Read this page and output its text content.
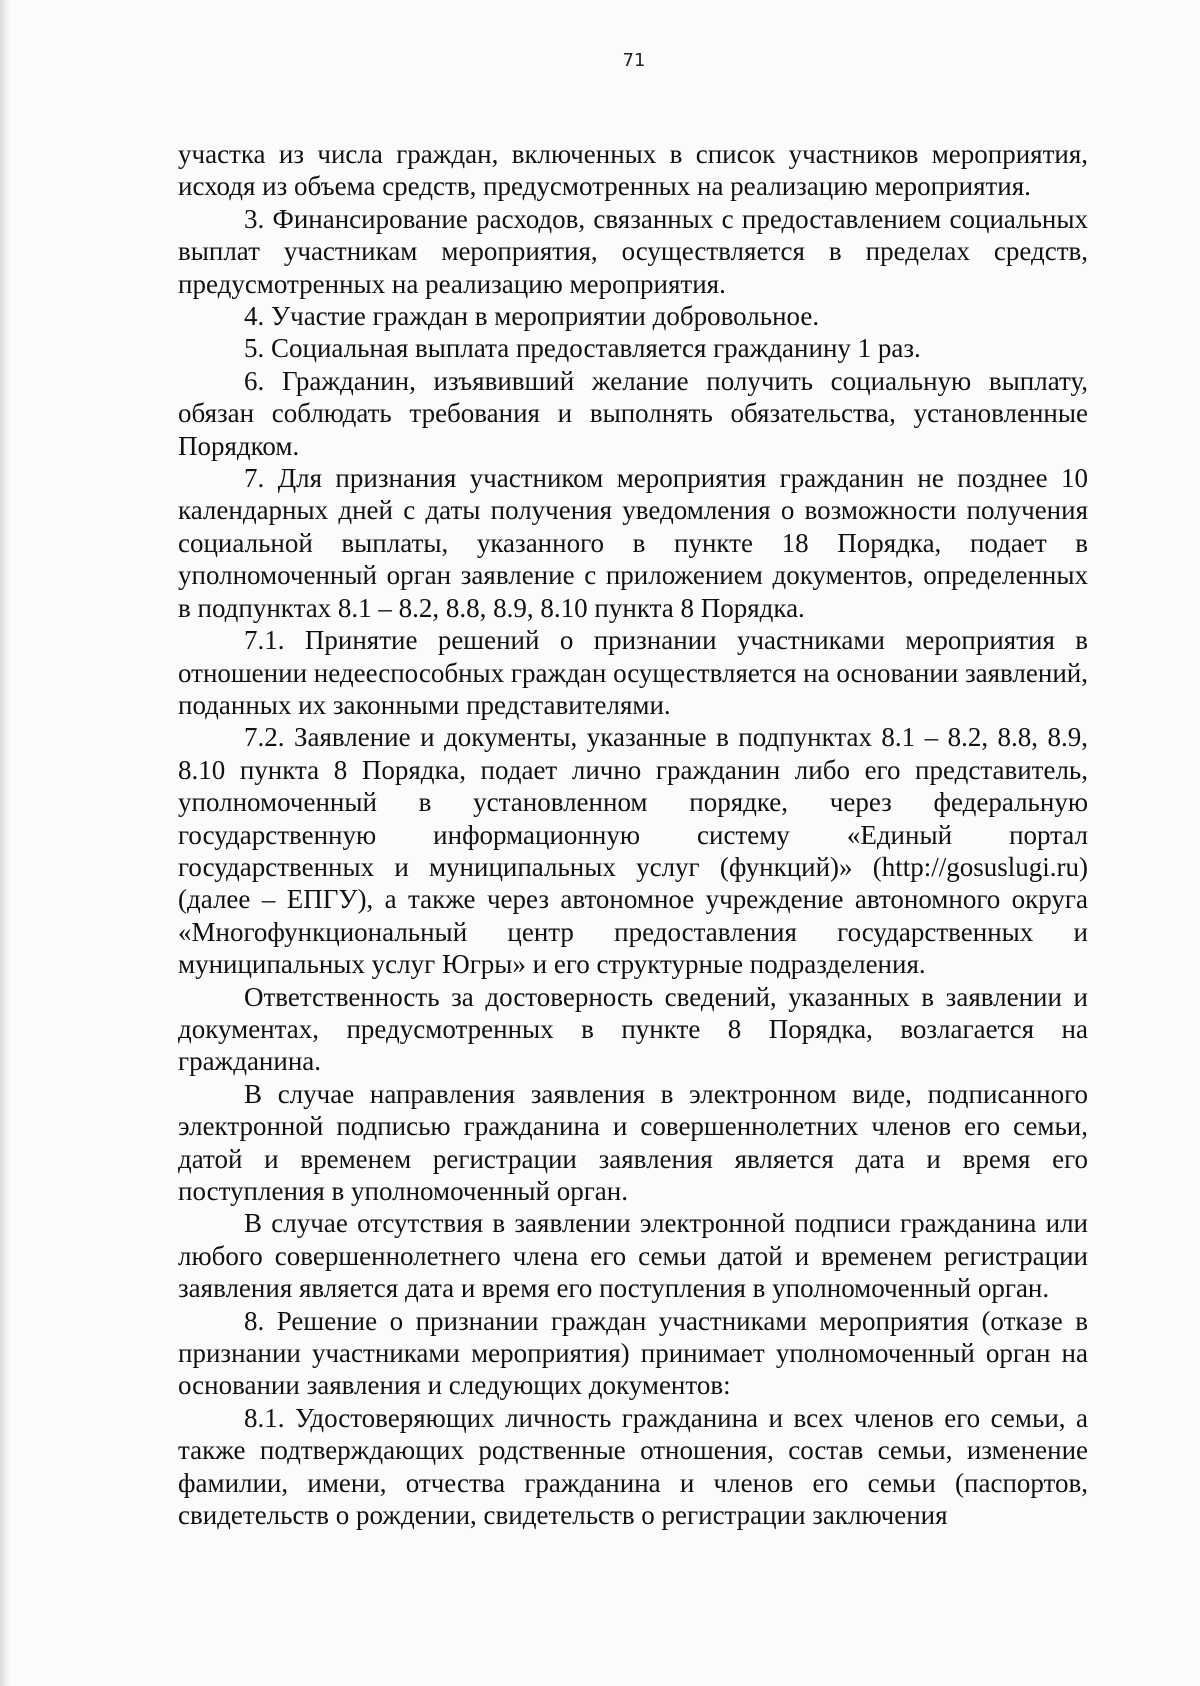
71

участка из числа граждан, включенных в список участников мероприятия, исходя из объема средств, предусмотренных на реализацию мероприятия.

3. Финансирование расходов, связанных с предоставлением социальных выплат участникам мероприятия, осуществляется в пределах средств, предусмотренных на реализацию мероприятия.

4. Участие граждан в мероприятии добровольное.

5. Социальная выплата предоставляется гражданину 1 раз.

6. Гражданин, изъявивший желание получить социальную выплату, обязан соблюдать требования и выполнять обязательства, установленные Порядком.

7. Для признания участником мероприятия гражданин не позднее 10 календарных дней с даты получения уведомления о возможности получения социальной выплаты, указанного в пункте 18 Порядка, подает в уполномоченный орган заявление с приложением документов, определенных в подпунктах 8.1 – 8.2, 8.8, 8.9, 8.10 пункта 8 Порядка.

7.1. Принятие решений о признании участниками мероприятия в отношении недееспособных граждан осуществляется на основании заявлений, поданных их законными представителями.

7.2. Заявление и документы, указанные в подпунктах 8.1 – 8.2, 8.8, 8.9, 8.10 пункта 8 Порядка, подает лично гражданин либо его представитель, уполномоченный в установленном порядке, через федеральную государственную информационную систему «Единый портал государственных и муниципальных услуг (функций)» (http://gosuslugi.ru) (далее – ЕПГУ), а также через автономное учреждение автономного округа «Многофункциональный центр предоставления государственных и муниципальных услуг Югры» и его структурные подразделения.

Ответственность за достоверность сведений, указанных в заявлении и документах, предусмотренных в пункте 8 Порядка, возлагается на гражданина.

В случае направления заявления в электронном виде, подписанного электронной подписью гражданина и совершеннолетних членов его семьи, датой и временем регистрации заявления является дата и время его поступления в уполномоченный орган.

В случае отсутствия в заявлении электронной подписи гражданина или любого совершеннолетнего члена его семьи датой и временем регистрации заявления является дата и время его поступления в уполномоченный орган.

8. Решение о признании граждан участниками мероприятия (отказе в признании участниками мероприятия) принимает уполномоченный орган на основании заявления и следующих документов:

8.1. Удостоверяющих личность гражданина и всех членов его семьи, а также подтверждающих родственные отношения, состав семьи, изменение фамилии, имени, отчества гражданина и членов его семьи (паспортов, свидетельств о рождении, свидетельств о регистрации заключения
